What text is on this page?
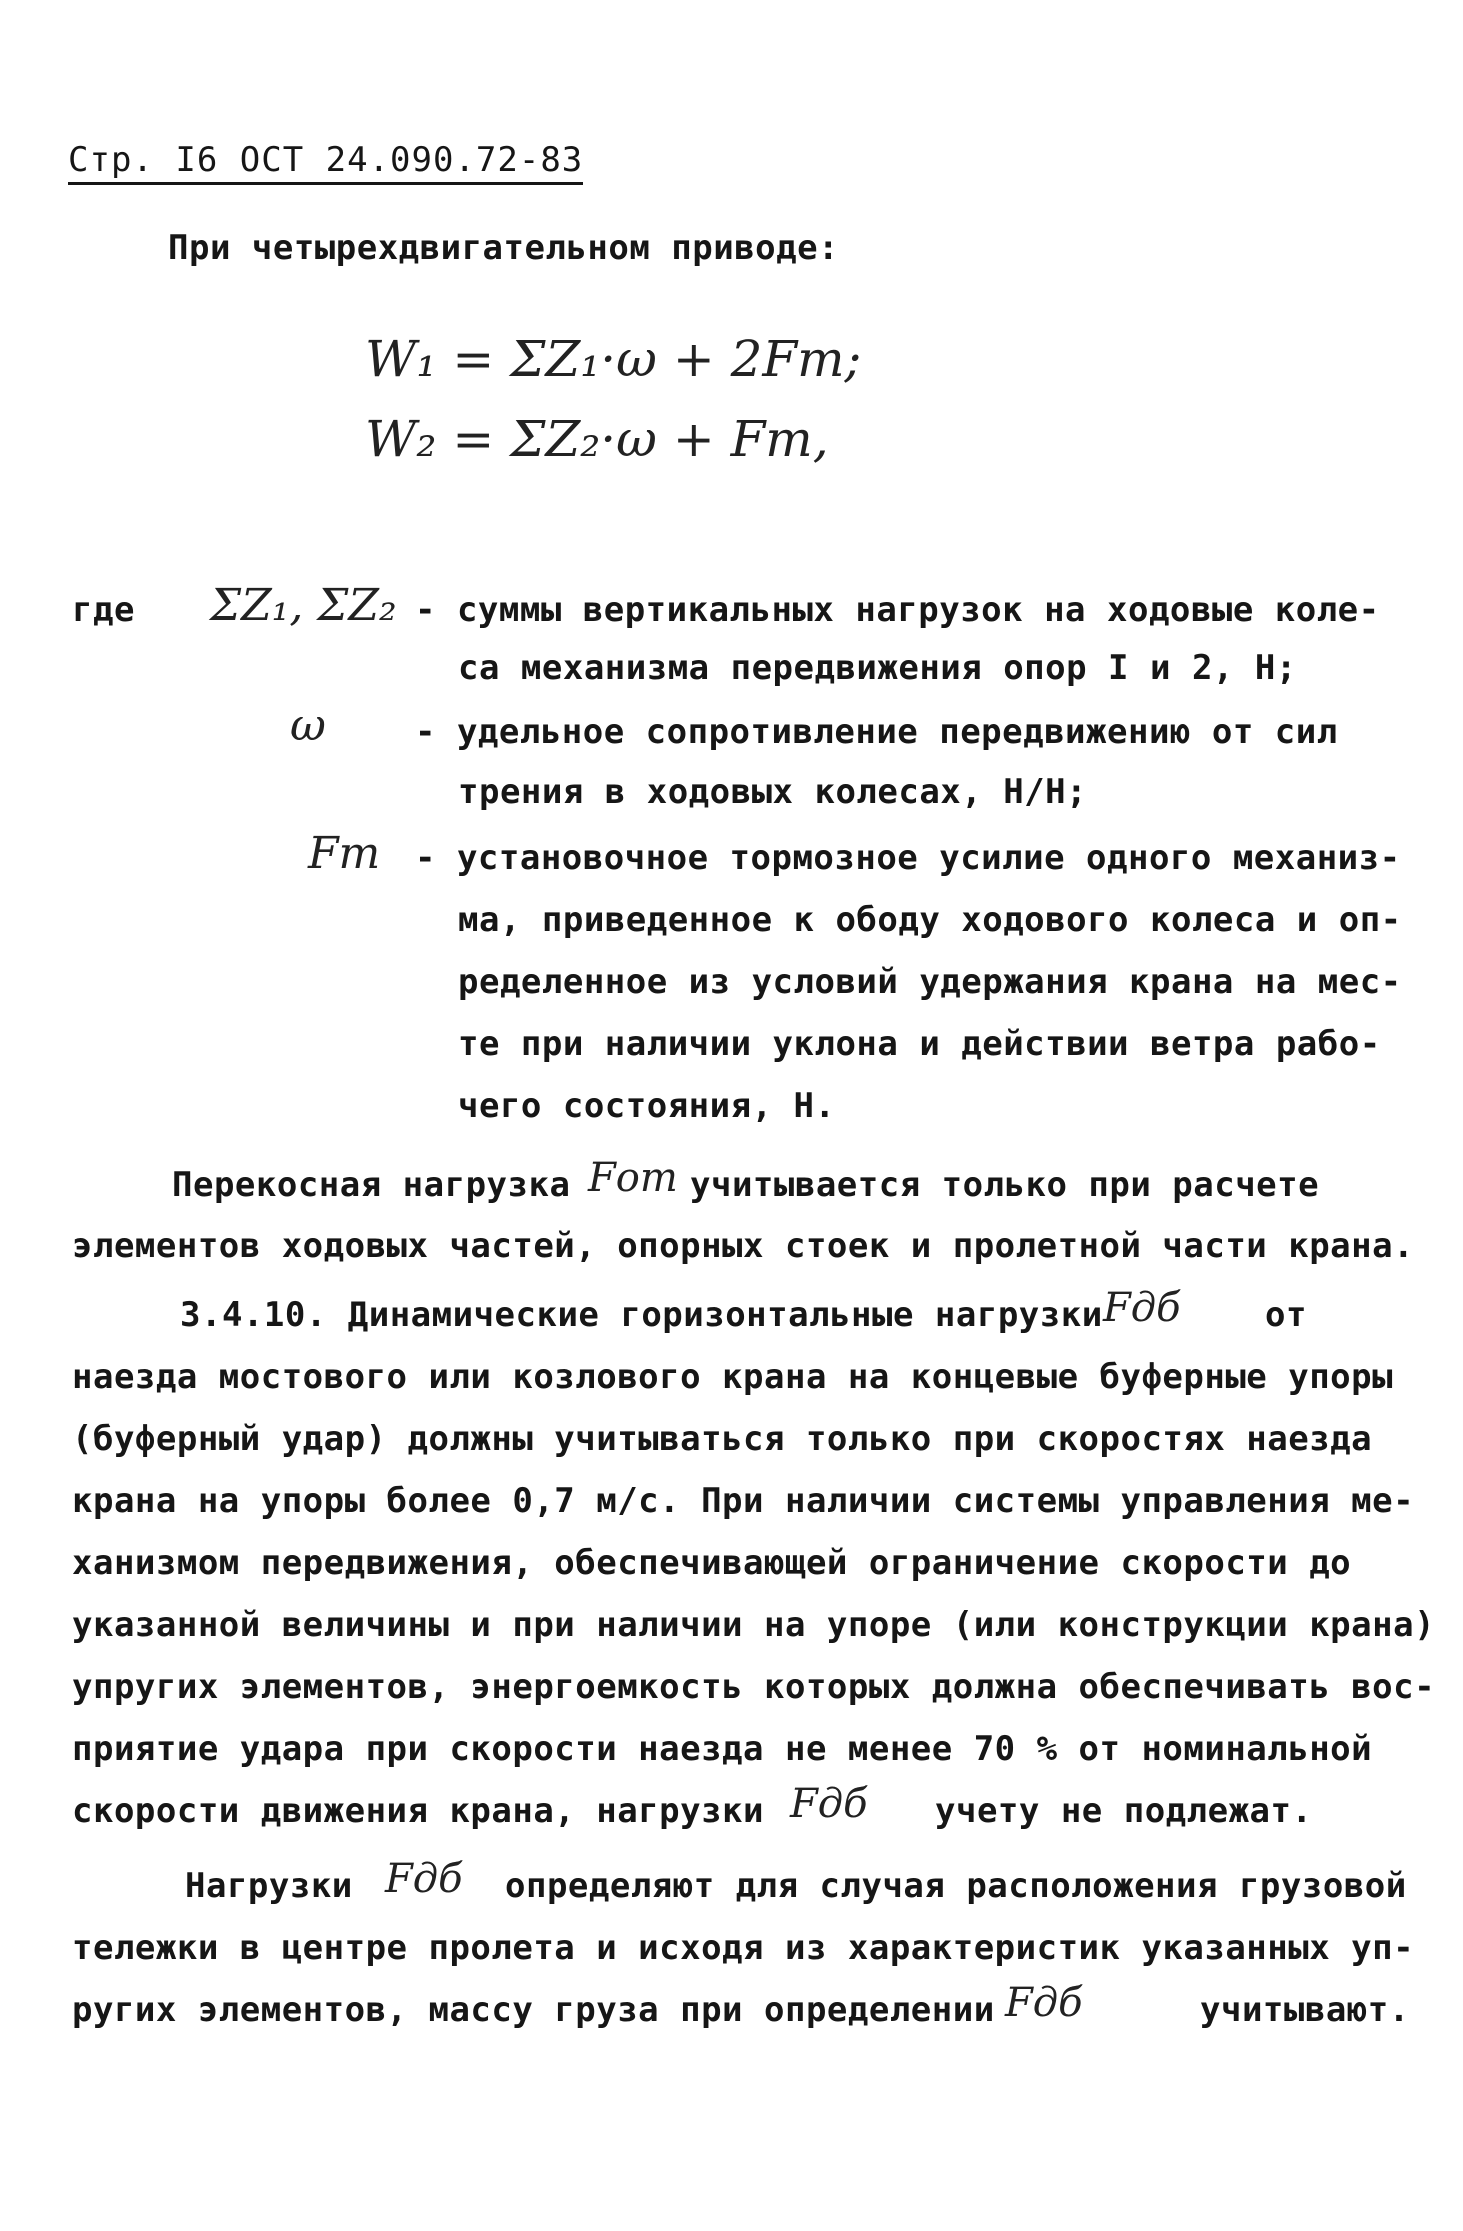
Стр. I6 ОСТ 24.090.72-83
При четырехдвигательном приводе:
W₁ = ΣZ₁·ω + 2Fт;
W₂ = ΣZ₂·ω + Fт,
где ΣZ₁, ΣZ₂ - суммы вертикальных нагрузок на ходовые коле-
са механизма передвижения опор I и 2, Н;
ω	- удельное сопротивление передвижению от сил
трения в ходовых колесах, Н/Н;
Fт - установочное тормозное усилие одного механиз-
ма, приведенное к ободу ходового колеса и оп-
ределенное из условий удержания крана на мес-
те при наличии уклона и действии ветра рабо-
чего состояния, Н.
Перекосная нагрузка Fот учитывается только при расчете
элементов ходовых частей, опорных стоек и пролетной части крана.
3.4.10. Динамические горизонтальные нагрузки Fдб от
наезда мостового или козлового крана на концевые буферные упоры
(буферный удар) должны учитываться только при скоростях наезда
крана на упоры более 0,7 м/с. При наличии системы управления ме-
ханизмом передвижения, обеспечивающей ограничение скорости до
указанной величины и при наличии на упоре (или конструкции крана)
упругих элементов, энергоемкость которых должна обеспечивать вос-
приятие удара при скорости наезда не менее 70 % от номинальной
скорости движения крана, нагрузки Fдб учету не подлежат.
Нагрузки Fдб определяют для случая расположения грузовой
тележки в центре пролета и исходя из характеристик указанных уп-
ругих элементов, массу груза при определении Fдб	учитывают.
